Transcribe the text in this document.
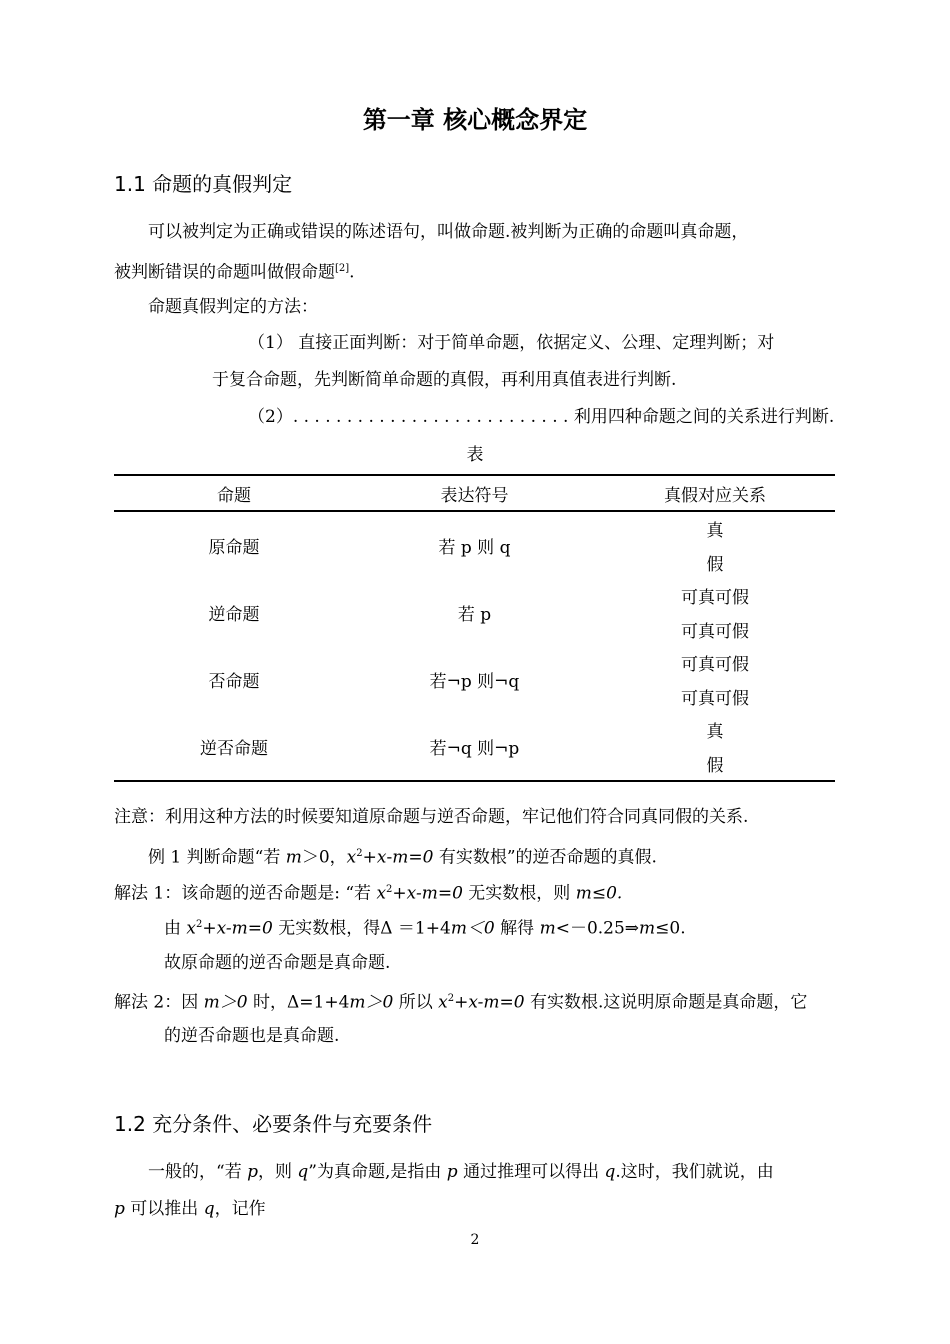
第一章 核心概念界定
1.1 命题的真假判定
可以被判定为正确或错误的陈述语句，叫做命题.被判断为正确的命题叫真命题，
被判断错误的命题叫做假命题[2].
命题真假判定的方法：
（1） 直接正面判断：对于简单命题，依据定义、公理、定理判断；对
于复合命题，先判断简单命题的真假，再利用真值表进行判断.
（2）. . . . . . . . . . . . . . . . . . . . . . . . . . 利用四种命题之间的关系进行判断.
表
命题	表达符号	真假对应关系
原命题	若 p 则 q	真
		假
逆命题	若 p	可真可假
		可真可假
否命题	若¬p 则¬q	可真可假
		可真可假
逆否命题	若¬q 则¬p	真
		假
注意：利用这种方法的时候要知道原命题与逆否命题，牢记他们符合同真同假的关系.
例 1 判断命题“若 m＞0，$x^2+x-m=0$ 有实数根”的逆否命题的真假.
解法 1：该命题的逆否命题是: “若 $x^2+x-m=0$ 无实数根，则 m≤0.
由 $x^2+x-m=0$ 无实数根，得Δ ＝1+4m＜0 解得 m<－0.25⇒m≤0.
故原命题的逆否命题是真命题.
解法 2：因 m＞0 时，Δ=1+4m＞0 所以 $x^2+x-m=0$ 有实数根.这说明原命题是真命题，它
的逆否命题也是真命题.
1.2 充分条件、必要条件与充要条件
一般的，“若 p，则 q”为真命题,是指由 p 通过推理可以得出 q.这时，我们就说，由
p 可以推出 q，记作
2
